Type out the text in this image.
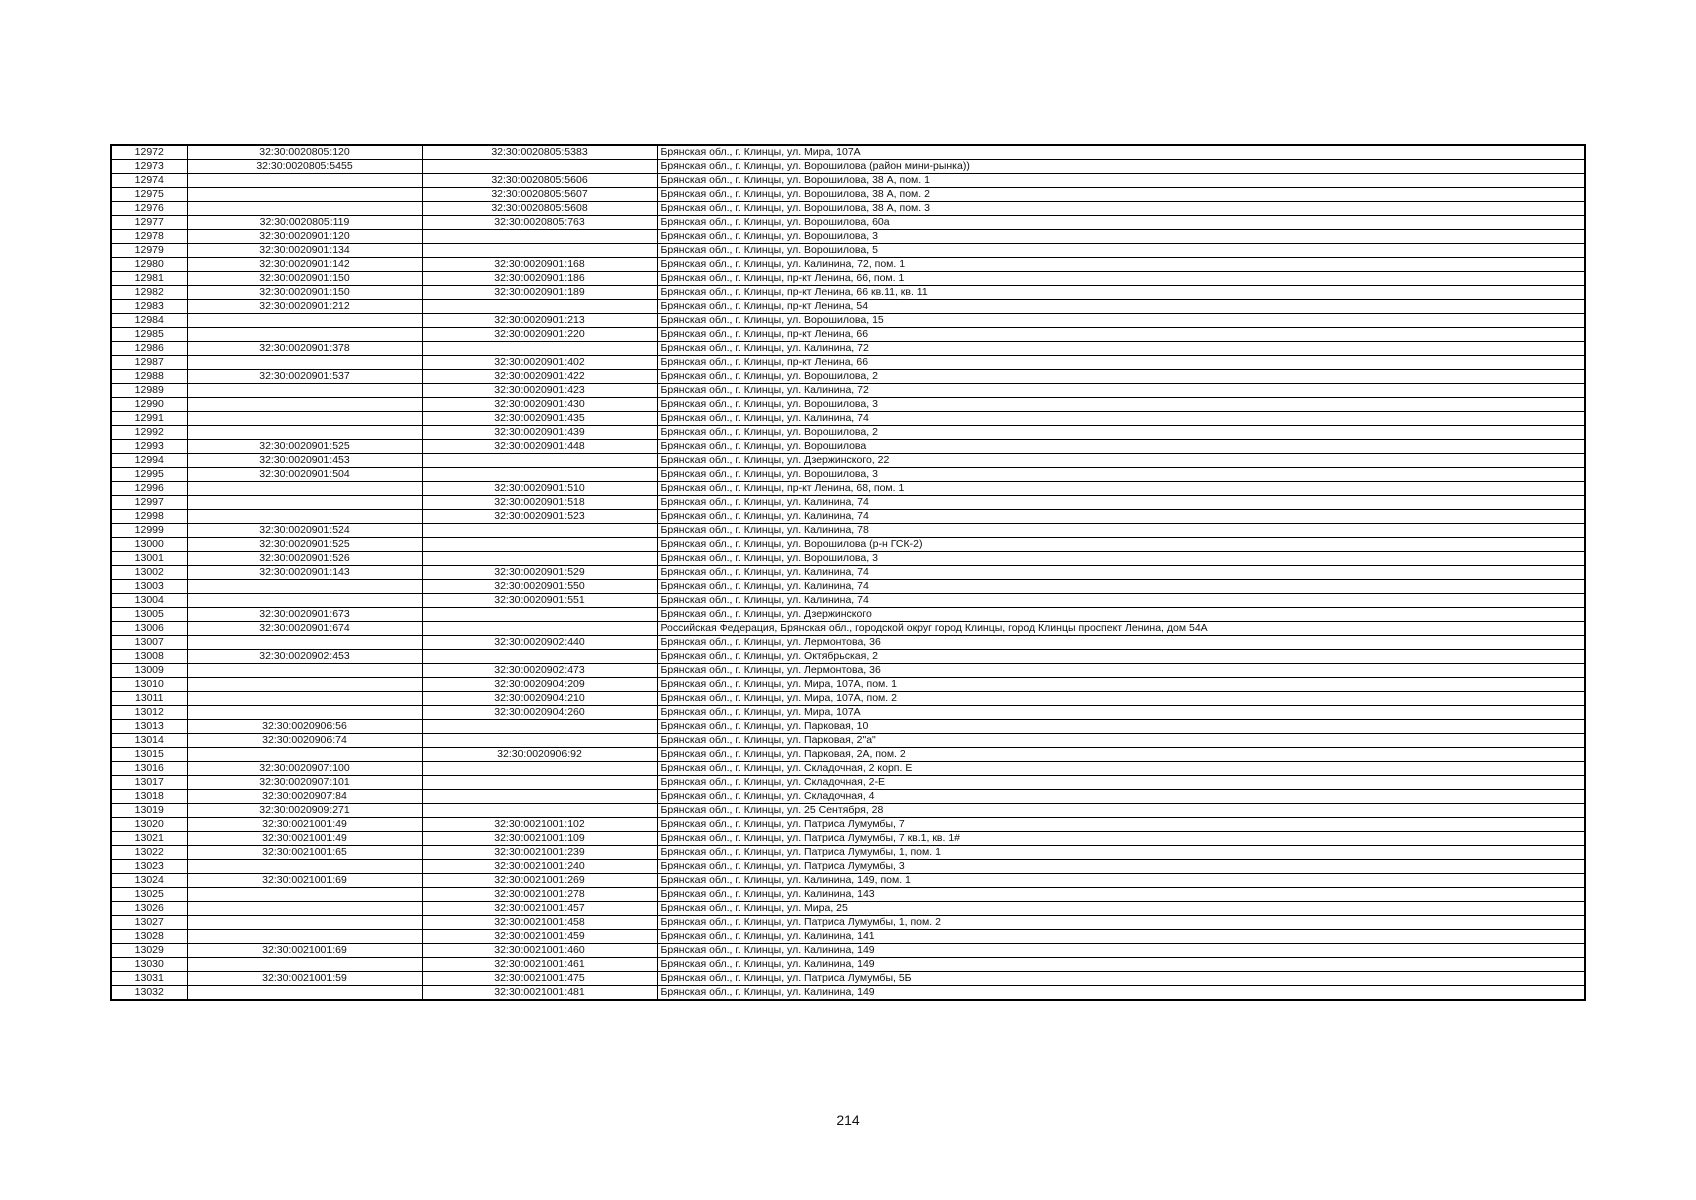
12972	32:30:0020805:120	32:30:0020805:5383	Брянская обл., г. Клинцы, ул. Мира, 107А
12973	32:30:0020805:5455		Брянская обл., г. Клинцы, ул. Ворошилова (район мини-рынка))
12974		32:30:0020805:5606	Брянская обл., г. Клинцы, ул. Ворошилова, 38 А, пом. 1
12975		32:30:0020805:5607	Брянская обл., г. Клинцы, ул. Ворошилова, 38 А, пом. 2
12976		32:30:0020805:5608	Брянская обл., г. Клинцы, ул. Ворошилова, 38 А, пом. 3
12977	32:30:0020805:119	32:30:0020805:763	Брянская обл., г. Клинцы, ул. Ворошилова, 60а
12978	32:30:0020901:120		Брянская обл., г. Клинцы, ул. Ворошилова, 3
12979	32:30:0020901:134		Брянская обл., г. Клинцы, ул. Ворошилова, 5
12980	32:30:0020901:142	32:30:0020901:168	Брянская обл., г. Клинцы, ул. Калинина, 72, пом. 1
12981	32:30:0020901:150	32:30:0020901:186	Брянская обл., г. Клинцы, пр-кт Ленина, 66, пом. 1
12982	32:30:0020901:150	32:30:0020901:189	Брянская обл., г. Клинцы, пр-кт Ленина, 66 кв.11, кв. 11
12983	32:30:0020901:212		Брянская обл., г. Клинцы, пр-кт Ленина, 54
12984		32:30:0020901:213	Брянская обл., г. Клинцы, ул. Ворошилова, 15
12985		32:30:0020901:220	Брянская обл., г. Клинцы, пр-кт Ленина, 66
12986	32:30:0020901:378		Брянская обл., г. Клинцы, ул. Калинина, 72
12987		32:30:0020901:402	Брянская обл., г. Клинцы, пр-кт Ленина, 66
12988	32:30:0020901:537	32:30:0020901:422	Брянская обл., г. Клинцы, ул. Ворошилова, 2
12989		32:30:0020901:423	Брянская обл., г. Клинцы, ул. Калинина, 72
12990		32:30:0020901:430	Брянская обл., г. Клинцы, ул. Ворошилова, 3
12991		32:30:0020901:435	Брянская обл., г. Клинцы, ул. Калинина, 74
12992		32:30:0020901:439	Брянская обл., г. Клинцы, ул. Ворошилова, 2
12993	32:30:0020901:525	32:30:0020901:448	Брянская обл., г. Клинцы, ул. Ворошилова
12994	32:30:0020901:453		Брянская обл., г. Клинцы, ул. Дзержинского, 22
12995	32:30:0020901:504		Брянская обл., г. Клинцы, ул. Ворошилова, 3
12996		32:30:0020901:510	Брянская обл., г. Клинцы, пр-кт Ленина, 68, пом. 1
12997		32:30:0020901:518	Брянская обл., г. Клинцы, ул. Калинина, 74
12998		32:30:0020901:523	Брянская обл., г. Клинцы, ул. Калинина, 74
12999	32:30:0020901:524		Брянская обл., г. Клинцы, ул. Калинина, 78
13000	32:30:0020901:525		Брянская обл., г. Клинцы, ул. Ворошилова (р-н ГСК-2)
13001	32:30:0020901:526		Брянская обл., г. Клинцы, ул. Ворошилова, 3
13002	32:30:0020901:143	32:30:0020901:529	Брянская обл., г. Клинцы, ул. Калинина, 74
13003		32:30:0020901:550	Брянская обл., г. Клинцы, ул. Калинина, 74
13004		32:30:0020901:551	Брянская обл., г. Клинцы, ул. Калинина, 74
13005	32:30:0020901:673		Брянская обл., г. Клинцы, ул. Дзержинского
13006	32:30:0020901:674		Российская Федерация, Брянская обл., городской округ город Клинцы, город Клинцы проспект Ленина, дом 54А
13007		32:30:0020902:440	Брянская обл., г. Клинцы, ул. Лермонтова, 36
13008	32:30:0020902:453		Брянская обл., г. Клинцы, ул. Октябрьская, 2
13009		32:30:0020902:473	Брянская обл., г. Клинцы, ул. Лермонтова, 36
13010		32:30:0020904:209	Брянская обл., г. Клинцы, ул. Мира, 107А, пом. 1
13011		32:30:0020904:210	Брянская обл., г. Клинцы, ул. Мира, 107А, пом. 2
13012		32:30:0020904:260	Брянская обл., г. Клинцы, ул. Мира, 107А
13013	32:30:0020906:56		Брянская обл., г. Клинцы, ул. Парковая, 10
13014	32:30:0020906:74		Брянская обл., г. Клинцы, ул. Парковая, 2"а"
13015		32:30:0020906:92	Брянская обл., г. Клинцы, ул. Парковая, 2А, пом. 2
13016	32:30:0020907:100		Брянская обл., г. Клинцы, ул. Складочная, 2 корп. Е
13017	32:30:0020907:101		Брянская обл., г. Клинцы, ул. Складочная, 2-Е
13018	32:30:0020907:84		Брянская обл., г. Клинцы, ул. Складочная, 4
13019	32:30:0020909:271		Брянская обл., г. Клинцы, ул. 25 Сентября, 28
13020	32:30:0021001:49	32:30:0021001:102	Брянская обл., г. Клинцы, ул. Патриса Лумумбы, 7
13021	32:30:0021001:49	32:30:0021001:109	Брянская обл., г. Клинцы, ул. Патриса Лумумбы, 7 кв.1, кв. 1#
13022	32:30:0021001:65	32:30:0021001:239	Брянская обл., г. Клинцы, ул. Патриса Лумумбы, 1, пом. 1
13023		32:30:0021001:240	Брянская обл., г. Клинцы, ул. Патриса Лумумбы, 3
13024	32:30:0021001:69	32:30:0021001:269	Брянская обл., г. Клинцы, ул. Калинина, 149, пом. 1
13025		32:30:0021001:278	Брянская обл., г. Клинцы, ул. Калинина, 143
13026		32:30:0021001:457	Брянская обл., г. Клинцы, ул. Мира, 25
13027		32:30:0021001:458	Брянская обл., г. Клинцы, ул. Патриса Лумумбы, 1, пом. 2
13028		32:30:0021001:459	Брянская обл., г. Клинцы, ул. Калинина, 141
13029	32:30:0021001:69	32:30:0021001:460	Брянская обл., г. Клинцы, ул. Калинина, 149
13030		32:30:0021001:461	Брянская обл., г. Клинцы, ул. Калинина, 149
13031	32:30:0021001:59	32:30:0021001:475	Брянская обл., г. Клинцы, ул. Патриса Лумумбы, 5Б
13032		32:30:0021001:481	Брянская обл., г. Клинцы, ул. Калинина, 149
214
